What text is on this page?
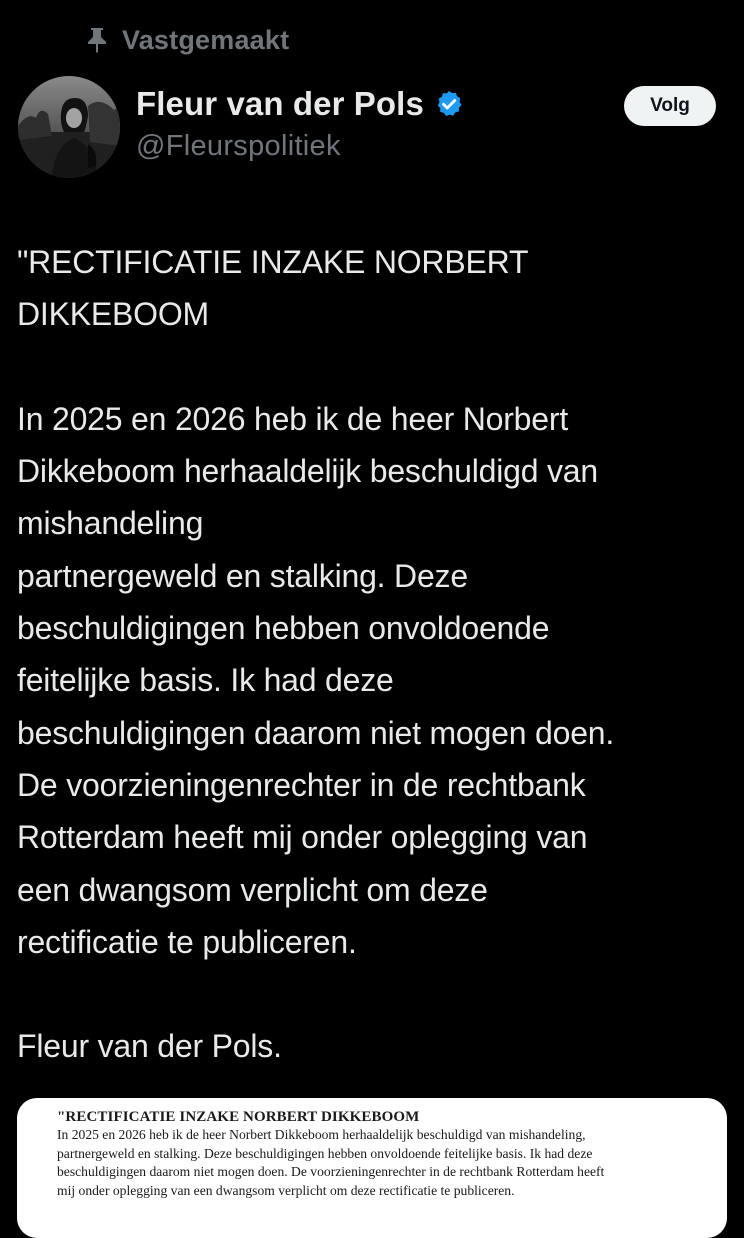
Vastgemaakt
Fleur van der Pols
@Fleurspolitiek
Volg

"RECTIFICATIE INZAKE NORBERT

DIKKEBOOM

In 2025 en 2026 heb ik de heer Norbert

Dikkeboom herhaaldelijk beschuldigd van

mishandeling

partnergeweld en stalking. Deze

beschuldigingen hebben onvoldoende

feitelijke basis. Ik had deze

beschuldigingen daarom niet mogen doen.

De voorzieningenrechter in de rechtbank

Rotterdam heeft mij onder oplegging van

een dwangsom verplicht om deze

rectificatie te publiceren.

Fleur van der Pols.

"RECTIFICATIE INZAKE NORBERT DIKKEBOOM
In 2025 en 2026 heb ik de heer Norbert Dikkeboom herhaaldelijk beschuldigd van mishandeling,
partnergeweld en stalking. Deze beschuldigingen hebben onvoldoende feitelijke basis. Ik had deze
beschuldigingen daarom niet mogen doen. De voorzieningenrechter in de rechtbank Rotterdam heeft
mij onder oplegging van een dwangsom verplicht om deze rectificatie te publiceren.
